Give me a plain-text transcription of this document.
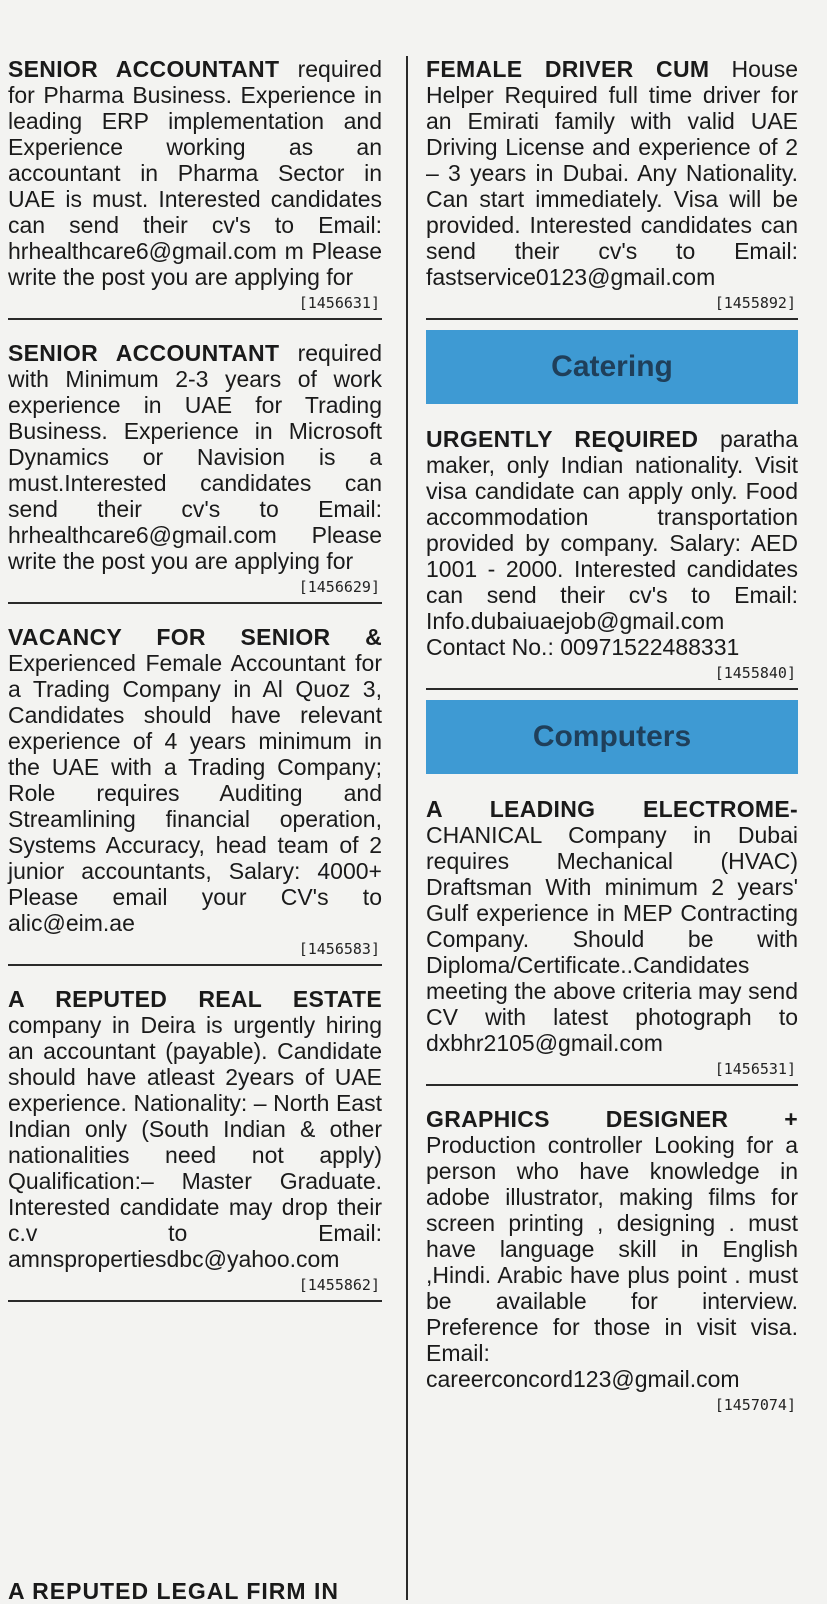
SENIOR ACCOUNTANT required for Pharma Business. Experience in leading ERP implementation and Experience working as an accountant in Pharma Sector in UAE is must. Interested candidates can send their cv's to Email: hrhealthcare6@gmail.com m Please write the post you are applying for

[1456631]

SENIOR ACCOUNTANT required with Minimum 2-3 years of work experience in UAE for Trading Business. Experience in Microsoft Dynamics or Navision is a must.Interested candidates can send their cv's to Email: hrhealthcare6@gmail.com Please write the post you are applying for

[1456629]

VACANCY FOR SENIOR & Experienced Female Accountant for a Trading Company in Al Quoz 3, Candidates should have relevant experience of 4 years minimum in the UAE with a Trading Company; Role requires Auditing and Streamlining financial operation, Systems Accuracy, head team of 2 junior accountants, Salary: 4000+ Please email your CV's to alic@eim.ae

[1456583]

A REPUTED REAL ESTATE company in Deira is urgently hiring an accountant (payable). Candidate should have atleast 2years of UAE experience. Nationality: – North East Indian only (South Indian & other nationalities need not apply) Qualification:– Master Graduate. Interested candidate may drop their c.v to Email: amnspropertiesdbc@yahoo.com

[1455862]
A REPUTED LEGAL FIRM IN

FEMALE DRIVER CUM House Helper Required full time driver for an Emirati family with valid UAE Driving License and experience of 2 – 3 years in Dubai. Any Nationality. Can start immediately. Visa will be provided. Interested candidates can send their cv's to Email: fastservice0123@gmail.com

[1455892]
Catering

URGENTLY REQUIRED paratha maker, only Indian nationality. Visit visa candidate can apply only. Food accommodation transportation provided by company. Salary: AED 1001 - 2000. Interested candidates can send their cv's to Email: Info.dubaiuaejob@gmail.com Contact No.: 00971522488331

[1455840]
Computers

A LEADING ELECTROME- CHANICAL Company in Dubai requires Mechanical (HVAC) Draftsman With minimum 2 years' Gulf experience in MEP Contracting Company. Should be with Diploma/Certificate..Candidates meeting the above criteria may send CV with latest photograph to dxbhr2105@gmail.com

[1456531]

GRAPHICS DESIGNER + Production controller Looking for a person who have knowledge in adobe illustrator, making films for screen printing , designing . must have language skill in English ,Hindi. Arabic have plus point . must be available for interview. Preference for those in visit visa. Email: careerconcord123@gmail.com

[1457074]
